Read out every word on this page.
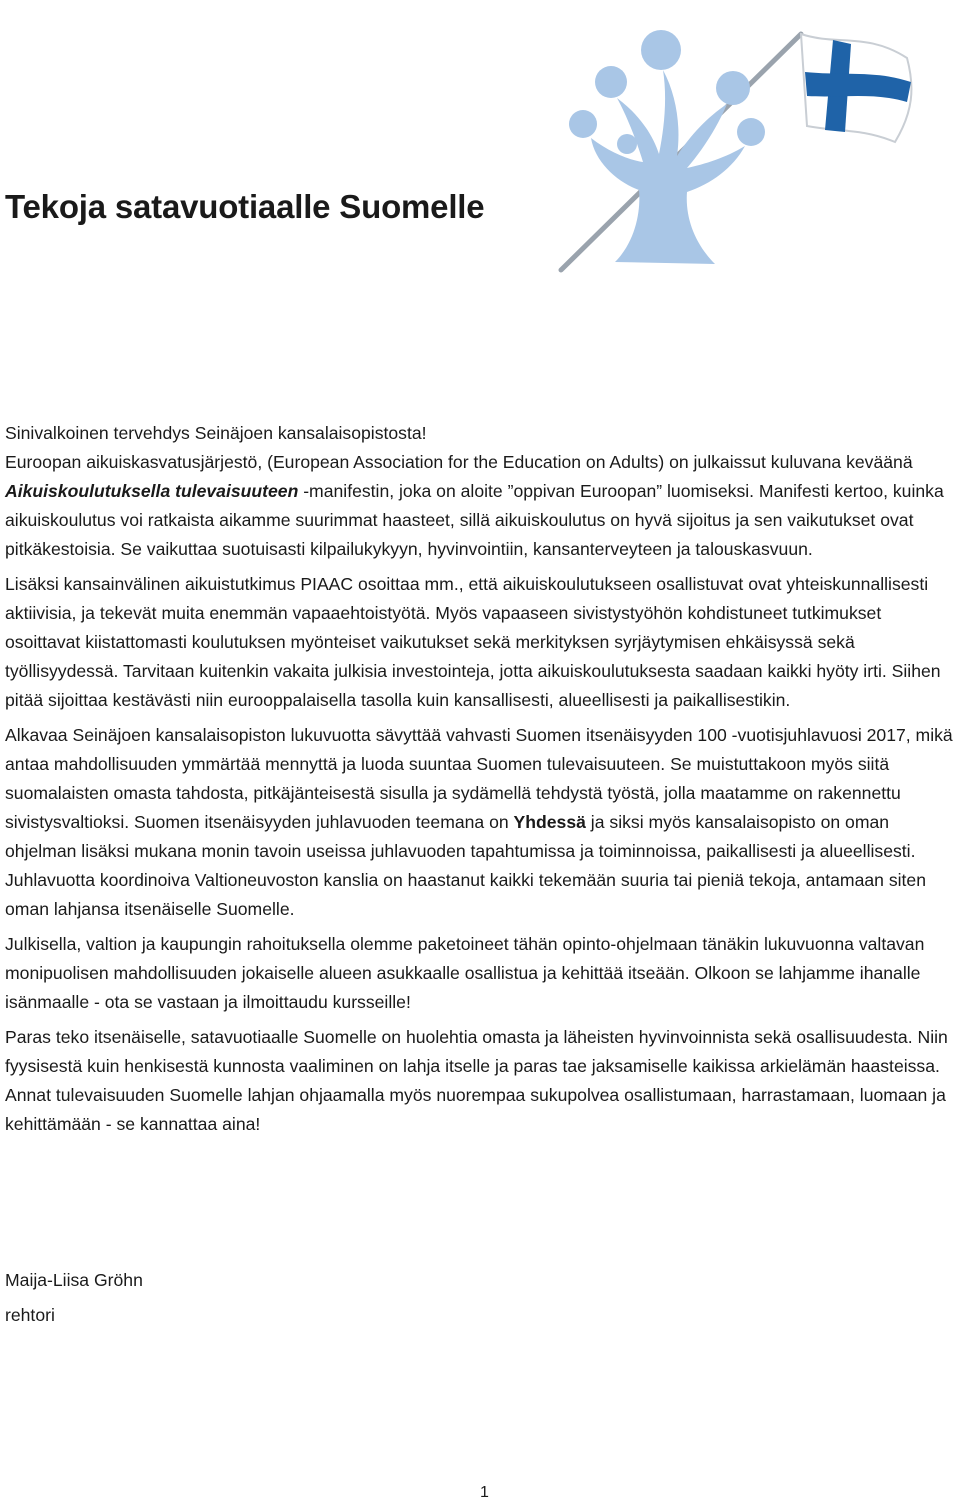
Tekoja satavuotiaalle Suomelle

Sinivalkoinen tervehdys Seinäjoen kansalaisopistosta!

Euroopan aikuiskasvatusjärjestö, (European Association for the Education on Adults) on julkaissut kuluvana keväänä Aikuiskoulutuksella tulevaisuuteen -manifestin, joka on aloite ”oppivan Euroopan” luomiseksi. Manifesti kertoo, kuinka aikuiskoulutus voi ratkaista aikamme suurimmat haasteet, sillä aikuiskoulutus on hyvä sijoitus ja sen vaikutukset ovat pitkäkestoisia. Se vaikuttaa suotuisasti kilpailukykyyn, hyvinvointiin, kansanterveyteen ja talouskasvuun.

Lisäksi kansainvälinen aikuistutkimus PIAAC osoittaa mm., että aikuiskoulutukseen osallistuvat ovat yhteiskunnallisesti aktiivisia, ja tekevät muita enemmän vapaaehtoistyötä. Myös vapaaseen sivistystyöhön kohdistuneet tutkimukset osoittavat kiistattomasti koulutuksen myönteiset vaikutukset sekä merkityksen syrjäytymisen ehkäisyssä sekä työllisyydessä. Tarvitaan kuitenkin vakaita julkisia investointeja, jotta aikuiskoulutuksesta saadaan kaikki hyöty irti. Siihen pitää sijoittaa kestävästi niin eurooppalaisella tasolla kuin kansallisesti, alueellisesti ja paikallisestikin.

Alkavaa Seinäjoen kansalaisopiston lukuvuotta sävyttää vahvasti Suomen itsenäisyyden 100 -vuotisjuhlavuosi 2017, mikä antaa mahdollisuuden ymmärtää mennyttä ja luoda suuntaa Suomen tulevaisuuteen. Se muistuttakoon myös siitä suomalaisten omasta tahdosta, pitkäjänteisestä sisulla ja sydämellä tehdystä työstä, jolla maatamme on rakennettu sivistysvaltioksi. Suomen itsenäisyyden juhlavuoden teemana on Yhdessä ja siksi myös kansalaisopisto on oman ohjelman lisäksi mukana monin tavoin useissa juhlavuoden tapahtumissa ja toiminnoissa, paikallisesti ja alueellisesti. Juhlavuotta koordinoiva Valtioneuvoston kanslia on haastanut kaikki tekemään suuria tai pieniä tekoja, antamaan siten oman lahjansa itsenäiselle Suomelle.

Julkisella, valtion ja kaupungin rahoituksella olemme paketoineet tähän opinto-ohjelmaan tänäkin lukuvuonna valtavan monipuolisen mahdollisuuden jokaiselle alueen asukkaalle osallistua ja kehittää itseään. Olkoon se lahjamme ihanalle isänmaalle - ota se vastaan ja ilmoittaudu kursseille!

Paras teko itsenäiselle, satavuotiaalle Suomelle on huolehtia omasta ja läheisten hyvinvoinnista sekä osallisuudesta. Niin fyysisestä kuin henkisestä kunnosta vaaliminen on lahja itselle ja paras tae jaksamiselle kaikissa arkielämän haasteissa. Annat tulevaisuuden Suomelle lahjan ohjaamalla myös nuorempaa sukupolvea osallistumaan, harrastamaan, luomaan ja kehittämään - se kannattaa aina!

Maija-Liisa Gröhn
rehtori
1
